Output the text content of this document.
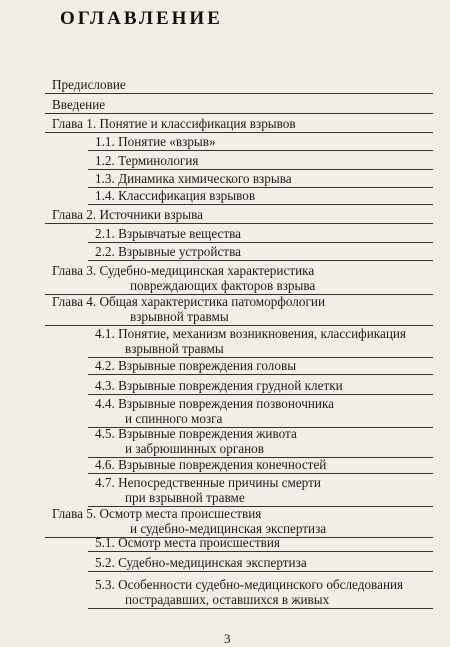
ОГЛАВЛЕНИЕ
Предисловие
Введение
Глава 1. Понятие и классификация взрывов
1.1. Понятие «взрыв»
1.2. Терминология
1.3. Динамика химического взрыва
1.4. Классификация взрывов
Глава 2. Источники взрыва
2.1. Взрывчатые вещества
2.2. Взрывные устройства
Глава 3. Судебно-медицинская характеристика
повреждающих факторов взрыва
Глава 4. Общая характеристика патоморфологии
взрывной травмы
4.1. Понятие, механизм возникновения, классификация
взрывной травмы
4.2. Взрывные повреждения головы
4.3. Взрывные повреждения грудной клетки
4.4. Взрывные повреждения позвоночника
и спинного мозга
4.5. Взрывные повреждения живота
и забрюшинных органов
4.6. Взрывные повреждения конечностей
4.7. Непосредственные причины смерти
при взрывной травме
Глава 5. Осмотр места происшествия
и судебно-медицинская экспертиза
5.1. Осмотр места происшествия
5.2. Судебно-медицинская экспертиза
5.3. Особенности судебно-медицинского обследования
пострадавших, оставшихся в живых
3
